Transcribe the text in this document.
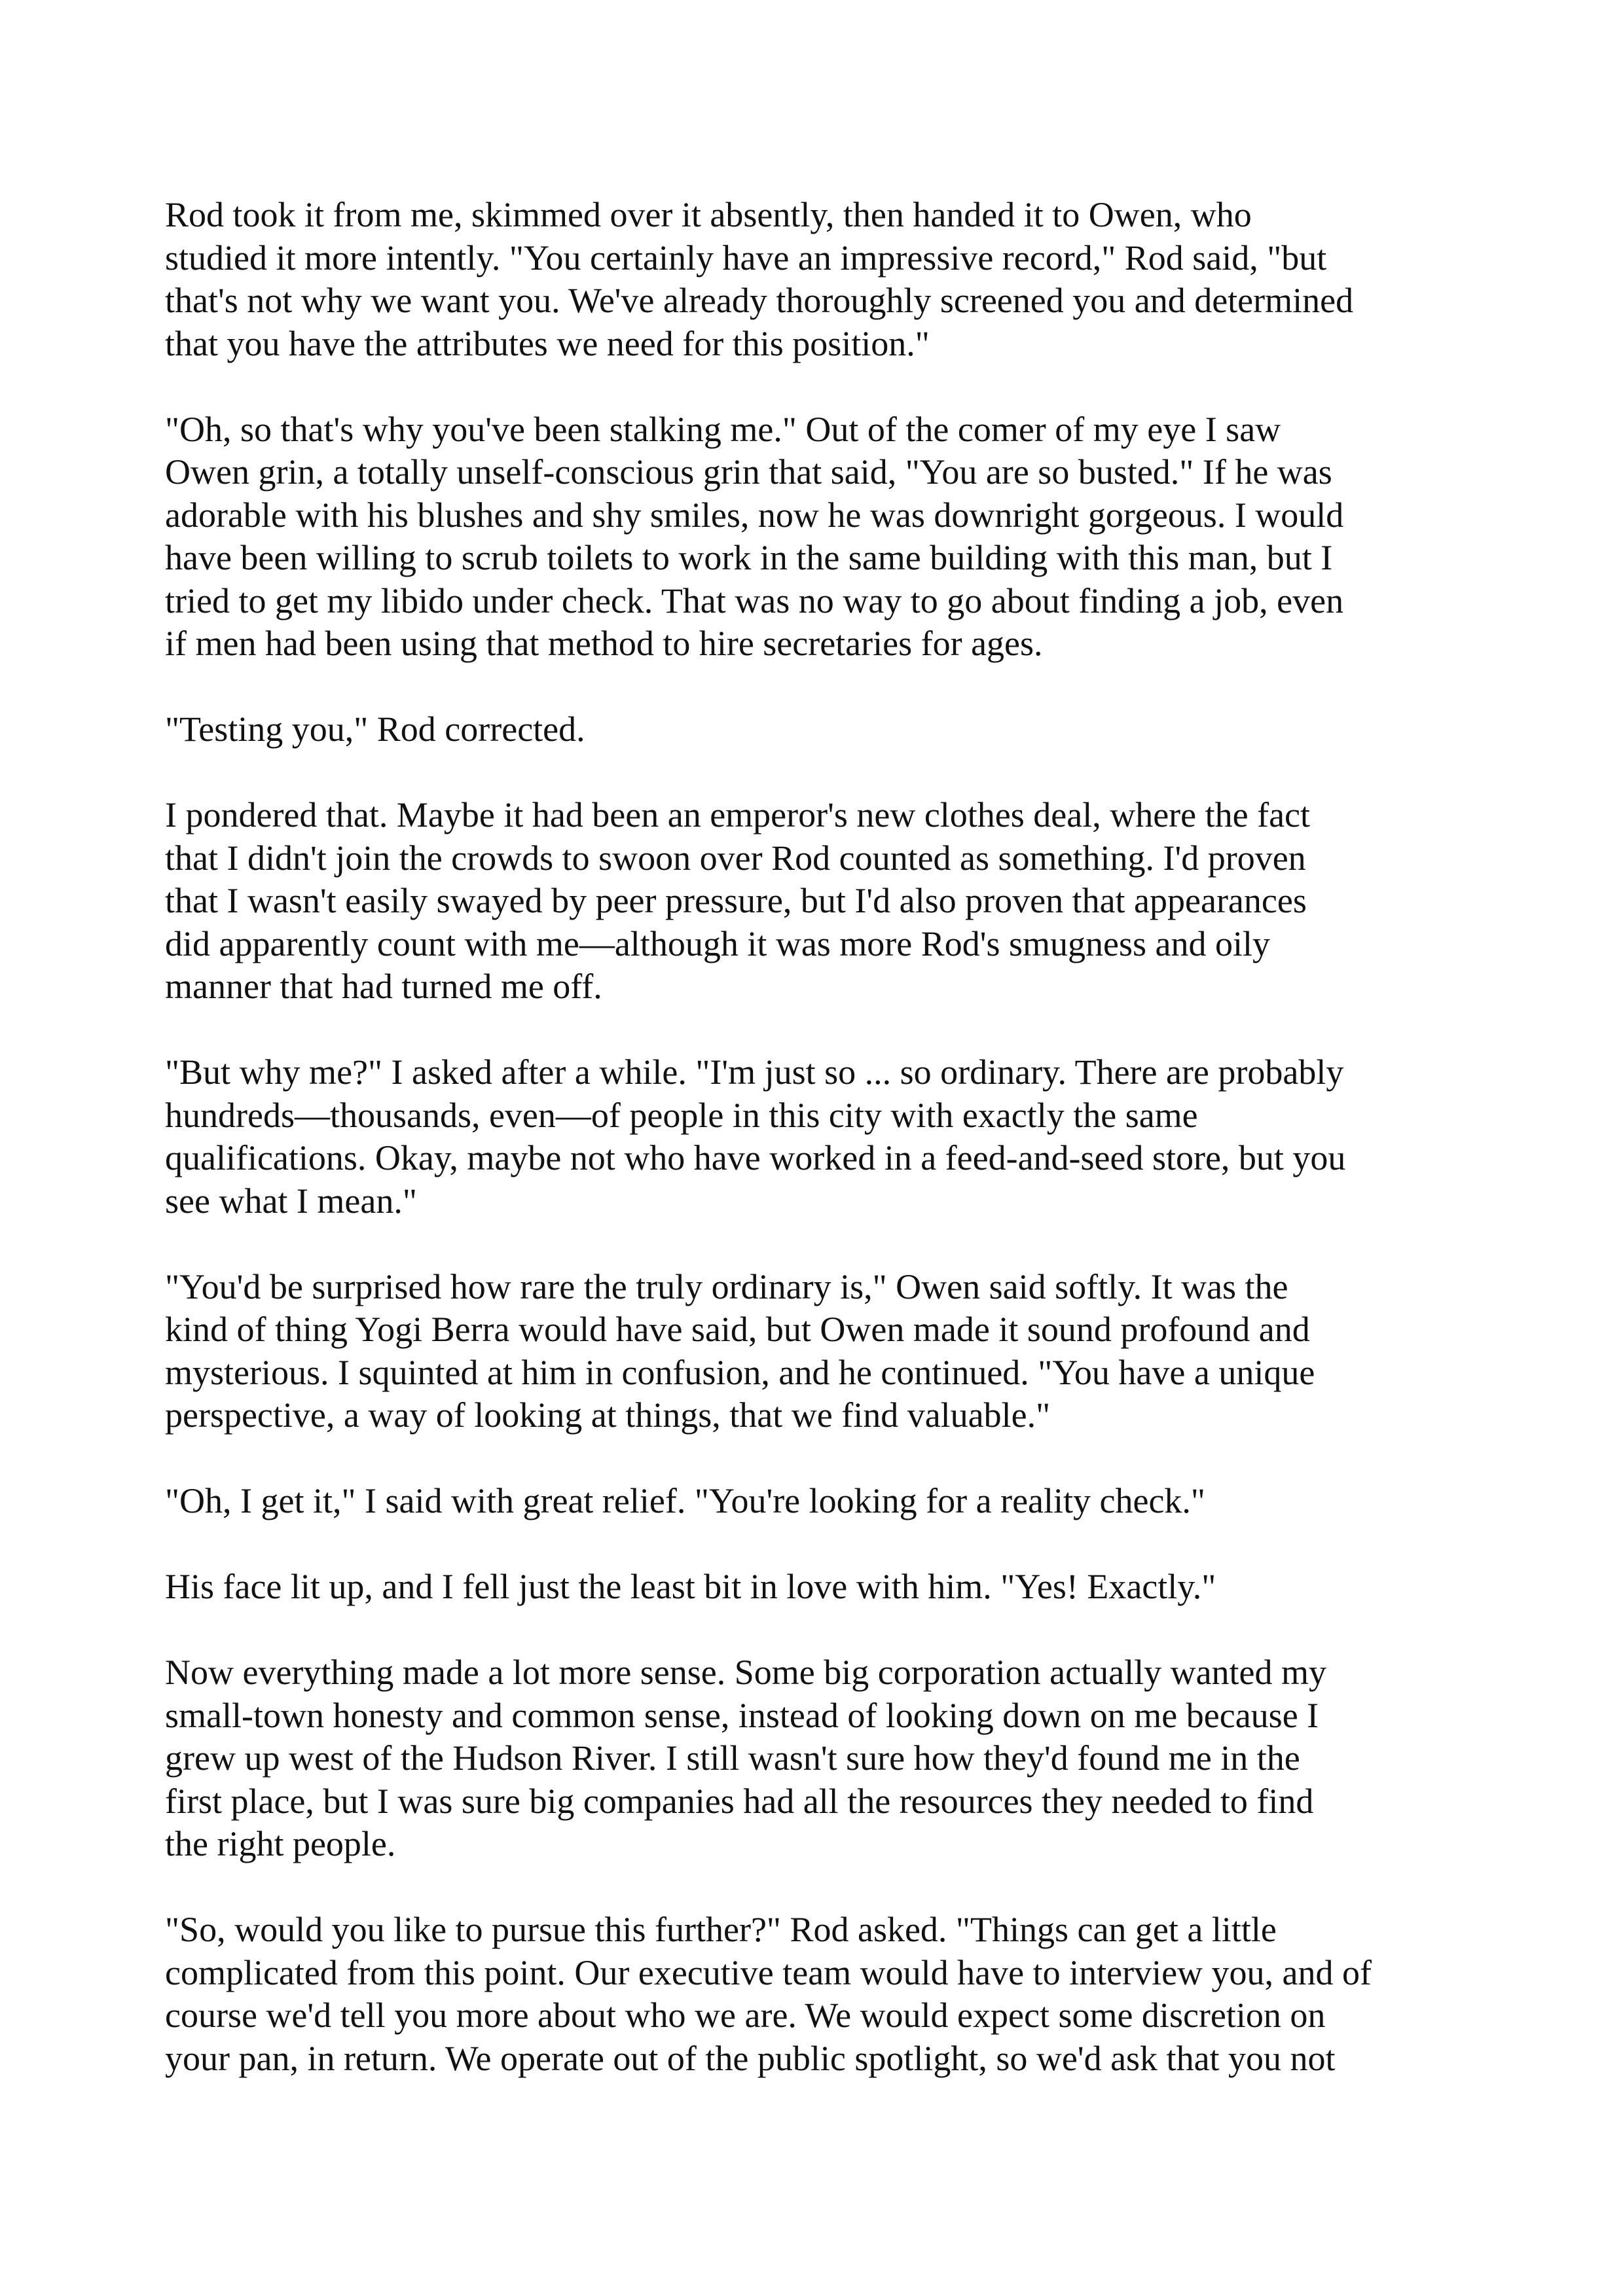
Rod took it from me, skimmed over it absently, then handed it to Owen, who
studied it more intently. "You certainly have an impressive record," Rod said, "but
that's not why we want you. We've already thoroughly screened you and determined
that you have the attributes we need for this position."

"Oh, so that's why you've been stalking me." Out of the comer of my eye I saw
Owen grin, a totally unself-conscious grin that said, "You are so busted." If he was
adorable with his blushes and shy smiles, now he was downright gorgeous. I would
have been willing to scrub toilets to work in the same building with this man, but I
tried to get my libido under check. That was no way to go about finding a job, even
if men had been using that method to hire secretaries for ages.

"Testing you," Rod corrected.

I pondered that. Maybe it had been an emperor's new clothes deal, where the fact
that I didn't join the crowds to swoon over Rod counted as something. I'd proven
that I wasn't easily swayed by peer pressure, but I'd also proven that appearances
did apparently count with me—although it was more Rod's smugness and oily
manner that had turned me off.

"But why me?" I asked after a while. "I'm just so ... so ordinary. There are probably
hundreds—thousands, even—of people in this city with exactly the same
qualifications. Okay, maybe not who have worked in a feed-and-seed store, but you
see what I mean."

"You'd be surprised how rare the truly ordinary is," Owen said softly. It was the
kind of thing Yogi Berra would have said, but Owen made it sound profound and
mysterious. I squinted at him in confusion, and he continued. "You have a unique
perspective, a way of looking at things, that we find valuable."

"Oh, I get it," I said with great relief. "You're looking for a reality check."

His face lit up, and I fell just the least bit in love with him. "Yes! Exactly."

Now everything made a lot more sense. Some big corporation actually wanted my
small-town honesty and common sense, instead of looking down on me because I
grew up west of the Hudson River. I still wasn't sure how they'd found me in the
first place, but I was sure big companies had all the resources they needed to find
the right people.

"So, would you like to pursue this further?" Rod asked. "Things can get a little
complicated from this point. Our executive team would have to interview you, and of
course we'd tell you more about who we are. We would expect some discretion on
your pan, in return. We operate out of the public spotlight, so we'd ask that you not
